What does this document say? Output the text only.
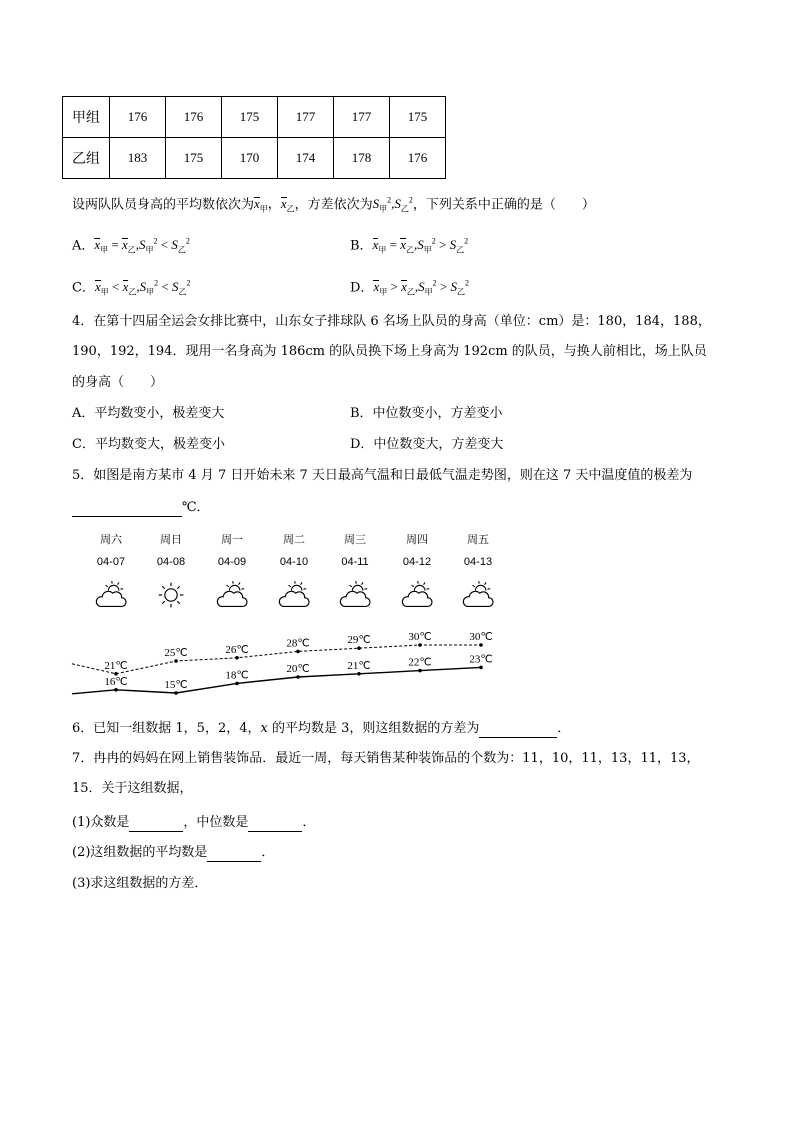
甲组	176	176	175	177	177	175
乙组	183	175	170	174	178	176
设两队队员身高的平均数依次为$x_甲$，$x_乙$，方差依次为$S_甲^2,S_乙^2$，下列关系中正确的是（　　）
A．$x_甲 = x_乙,S_甲^2 < S_乙^2$	B．$x_甲 = x_乙,S_甲^2 > S_乙^2$
C．$x_甲 < x_乙,S_甲^2 < S_乙^2$	D．$x_甲 > x_乙,S_甲^2 > S_乙^2$
4．在第十四届全运会女排比赛中，山东女子排球队 6 名场上队员的身高（单位：cm）是：180，184，188，
190，192，194．现用一名身高为 186cm 的队员换下场上身高为 192cm 的队员，与换人前相比，场上队员
的身高（　　）
A．平均数变小，极差变大	B．中位数变小，方差变小
C．平均数变大，极差变小	D．中位数变大，方差变大
5．如图是南方某市 4 月 7 日开始未来 7 天日最高气温和日最低气温走势图，则在这 7 天中温度值的极差为
℃．
周六
04-07
周日
04-08
周一
04-09
周二
04-10
周三
04-11
周四
04-12
周五
04-13
21℃
25℃	26℃
28℃	29℃	30℃	30℃
16℃	15℃
18℃
20℃	21℃	22℃	23℃
6．已知一组数据 1，5，2，4，x 的平均数是 3，则这组数据的方差为	．
7．冉冉的妈妈在网上销售装饰品．最近一周，每天销售某种装饰品的个数为：11，10，11，13，11，13，
15．关于这组数据，
(1)众数是	，中位数是	．
(2)这组数据的平均数是	．
(3)求这组数据的方差．
